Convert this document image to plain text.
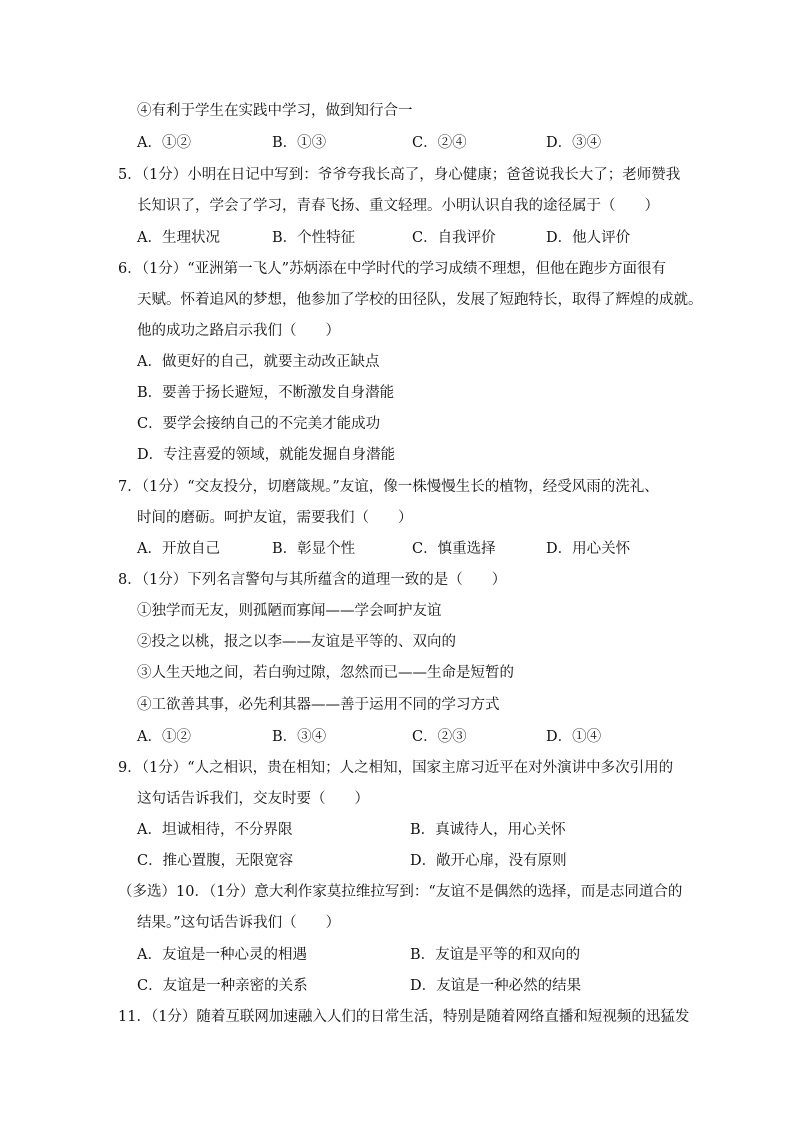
④有利于学生在实践中学习，做到知行合一
A．①②	B．①③	C．②④	D．③④
5．（1分）小明在日记中写到：爷爷夸我长高了，身心健康；爸爸说我长大了；老师赞我
长知识了，学会了学习，青春飞扬、重文轻理。小明认识自我的途径属于（　　）
A．生理状况	B．个性特征	C．自我评价	D．他人评价
6．（1分）“亚洲第一飞人”苏炳添在中学时代的学习成绩不理想，但他在跑步方面很有
天赋。怀着追风的梦想，他参加了学校的田径队，发展了短跑特长，取得了辉煌的成就。
他的成功之路启示我们（　　）
A．做更好的自己，就要主动改正缺点
B．要善于扬长避短，不断激发自身潜能
C．要学会接纳自己的不完美才能成功
D．专注喜爱的领域，就能发掘自身潜能
7．（1分）“交友投分，切磨箴规。”友谊，像一株慢慢生长的植物，经受风雨的洗礼、
时间的磨砺。呵护友谊，需要我们（　　）
A．开放自己	B．彰显个性	C．慎重选择	D．用心关怀
8．（1分）下列名言警句与其所蕴含的道理一致的是（　　）
①独学而无友，则孤陋而寡闻——学会呵护友谊
②投之以桃，报之以李——友谊是平等的、双向的
③人生天地之间，若白驹过隙，忽然而已——生命是短暂的
④工欲善其事，必先利其器——善于运用不同的学习方式
A．①②	B．③④	C．②③	D．①④
9．（1分）“人之相识，贵在相知；人之相知，国家主席习近平在对外演讲中多次引用的
这句话告诉我们，交友时要（　　）
A．坦诚相待，不分界限	B．真诚待人，用心关怀
C．推心置腹，无限宽容	D．敞开心扉，没有原则
（多选）10．（1分）意大利作家莫拉维拉写到：“友谊不是偶然的选择，而是志同道合的
结果。”这句话告诉我们（　　）
A．友谊是一种心灵的相遇	B．友谊是平等的和双向的
C．友谊是一种亲密的关系	D．友谊是一种必然的结果
11．（1分）随着互联网加速融入人们的日常生活，特别是随着网络直播和短视频的迅猛发
